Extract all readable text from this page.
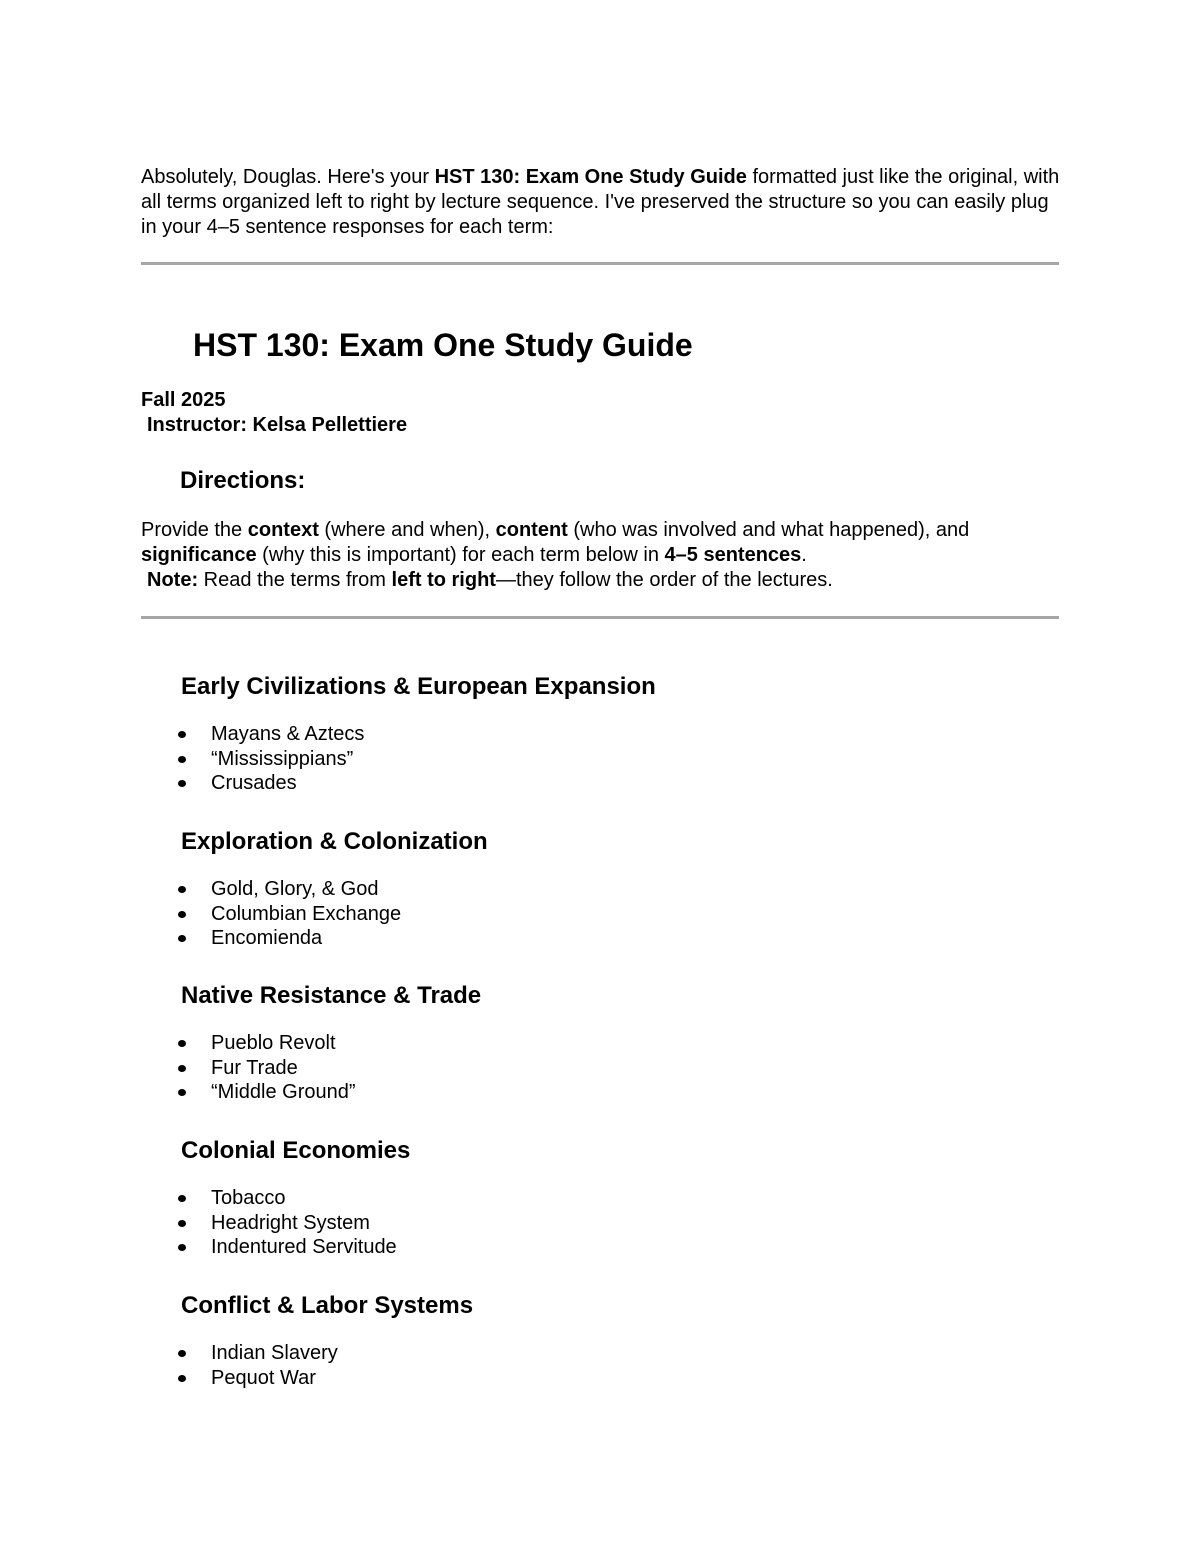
Absolutely, Douglas. Here's your HST 130: Exam One Study Guide formatted just like the original, with all terms organized left to right by lecture sequence. I've preserved the structure so you can easily plug in your 4–5 sentence responses for each term:

HST 130: Exam One Study Guide

Fall 2025

Instructor: Kelsa Pellettiere

Directions:

Provide the context (where and when), content (who was involved and what happened), and significance (why this is important) for each term below in 4–5 sentences.
Note: Read the terms from left to right—they follow the order of the lectures.

Early Civilizations & European Expansion
Mayans & Aztecs
“Mississippians”
Crusades
Exploration & Colonization
Gold, Glory, & God
Columbian Exchange
Encomienda
Native Resistance & Trade
Pueblo Revolt
Fur Trade
“Middle Ground”
Colonial Economies
Tobacco
Headright System
Indentured Servitude
Conflict & Labor Systems
Indian Slavery
Pequot War
